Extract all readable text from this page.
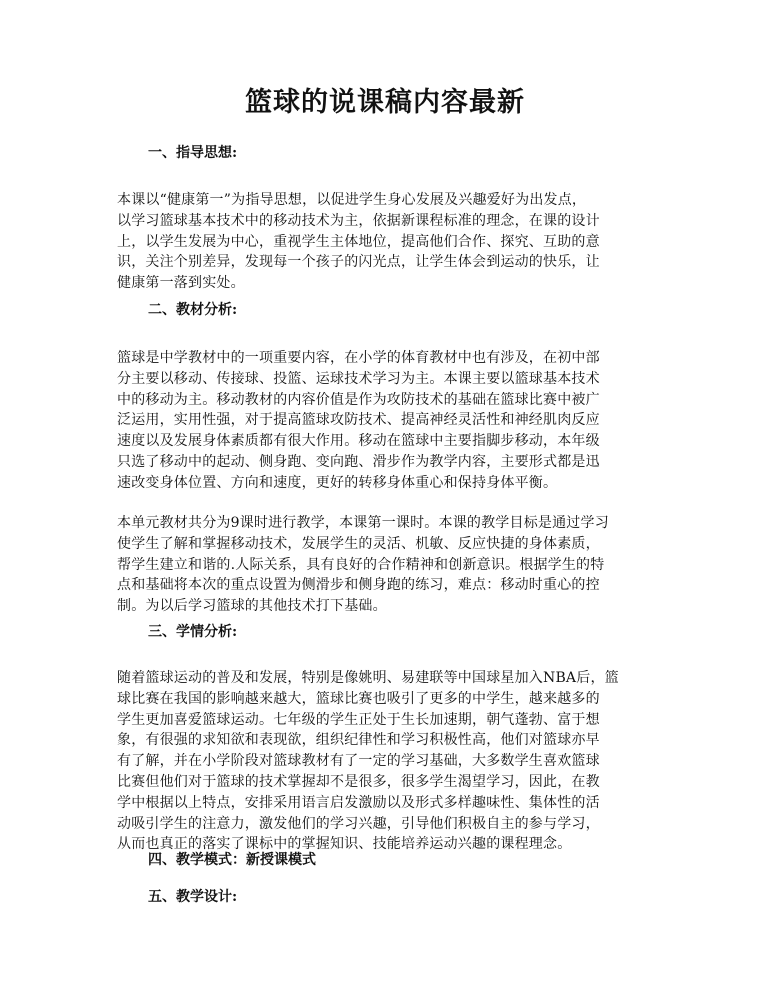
篮球的说课稿内容最新
一、指导思想:
本课以“健康第一”为指导思想，以促进学生身心发展及兴趣爱好为出发点，
以学习篮球基本技术中的移动技术为主，依据新课程标准的理念，在课的设计
上，以学生发展为中心，重视学生主体地位，提高他们合作、探究、互助的意
识，关注个别差异，发现每一个孩子的闪光点，让学生体会到运动的快乐，让
健康第一落到实处。
二、教材分析:
篮球是中学教材中的一项重要内容，在小学的体育教材中也有涉及，在初中部
分主要以移动、传接球、投篮、运球技术学习为主。本课主要以篮球基本技术
中的移动为主。移动教材的内容价值是作为攻防技术的基础在篮球比赛中被广
泛运用，实用性强，对于提高篮球攻防技术、提高神经灵活性和神经肌肉反应
速度以及发展身体素质都有很大作用。移动在篮球中主要指脚步移动，本年级
只选了移动中的起动、侧身跑、变向跑、滑步作为教学内容，主要形式都是迅
速改变身体位置、方向和速度，更好的转移身体重心和保持身体平衡。
本单元教材共分为9课时进行教学，本课第一课时。本课的教学目标是通过学习
使学生了解和掌握移动技术，发展学生的灵活、机敏、反应快捷的身体素质，
帮学生建立和谐的.人际关系，具有良好的合作精神和创新意识。根据学生的特
点和基础将本次的重点设置为侧滑步和侧身跑的练习，难点：移动时重心的控
制。为以后学习篮球的其他技术打下基础。
三、学情分析:
随着篮球运动的普及和发展，特别是像姚明、易建联等中国球星加入NBA后，篮
球比赛在我国的影响越来越大，篮球比赛也吸引了更多的中学生，越来越多的
学生更加喜爱篮球运动。七年级的学生正处于生长加速期，朝气蓬勃、富于想
象，有很强的求知欲和表现欲，组织纪律性和学习积极性高，他们对篮球亦早
有了解，并在小学阶段对篮球教材有了一定的学习基础，大多数学生喜欢篮球
比赛但他们对于篮球的技术掌握却不是很多，很多学生渴望学习，因此，在教
学中根据以上特点，安排采用语言启发激励以及形式多样趣味性、集体性的活
动吸引学生的注意力，激发他们的学习兴趣，引导他们积极自主的参与学习，
从而也真正的落实了课标中的掌握知识、技能培养运动兴趣的课程理念。
四、教学模式：新授课模式
五、教学设计:
